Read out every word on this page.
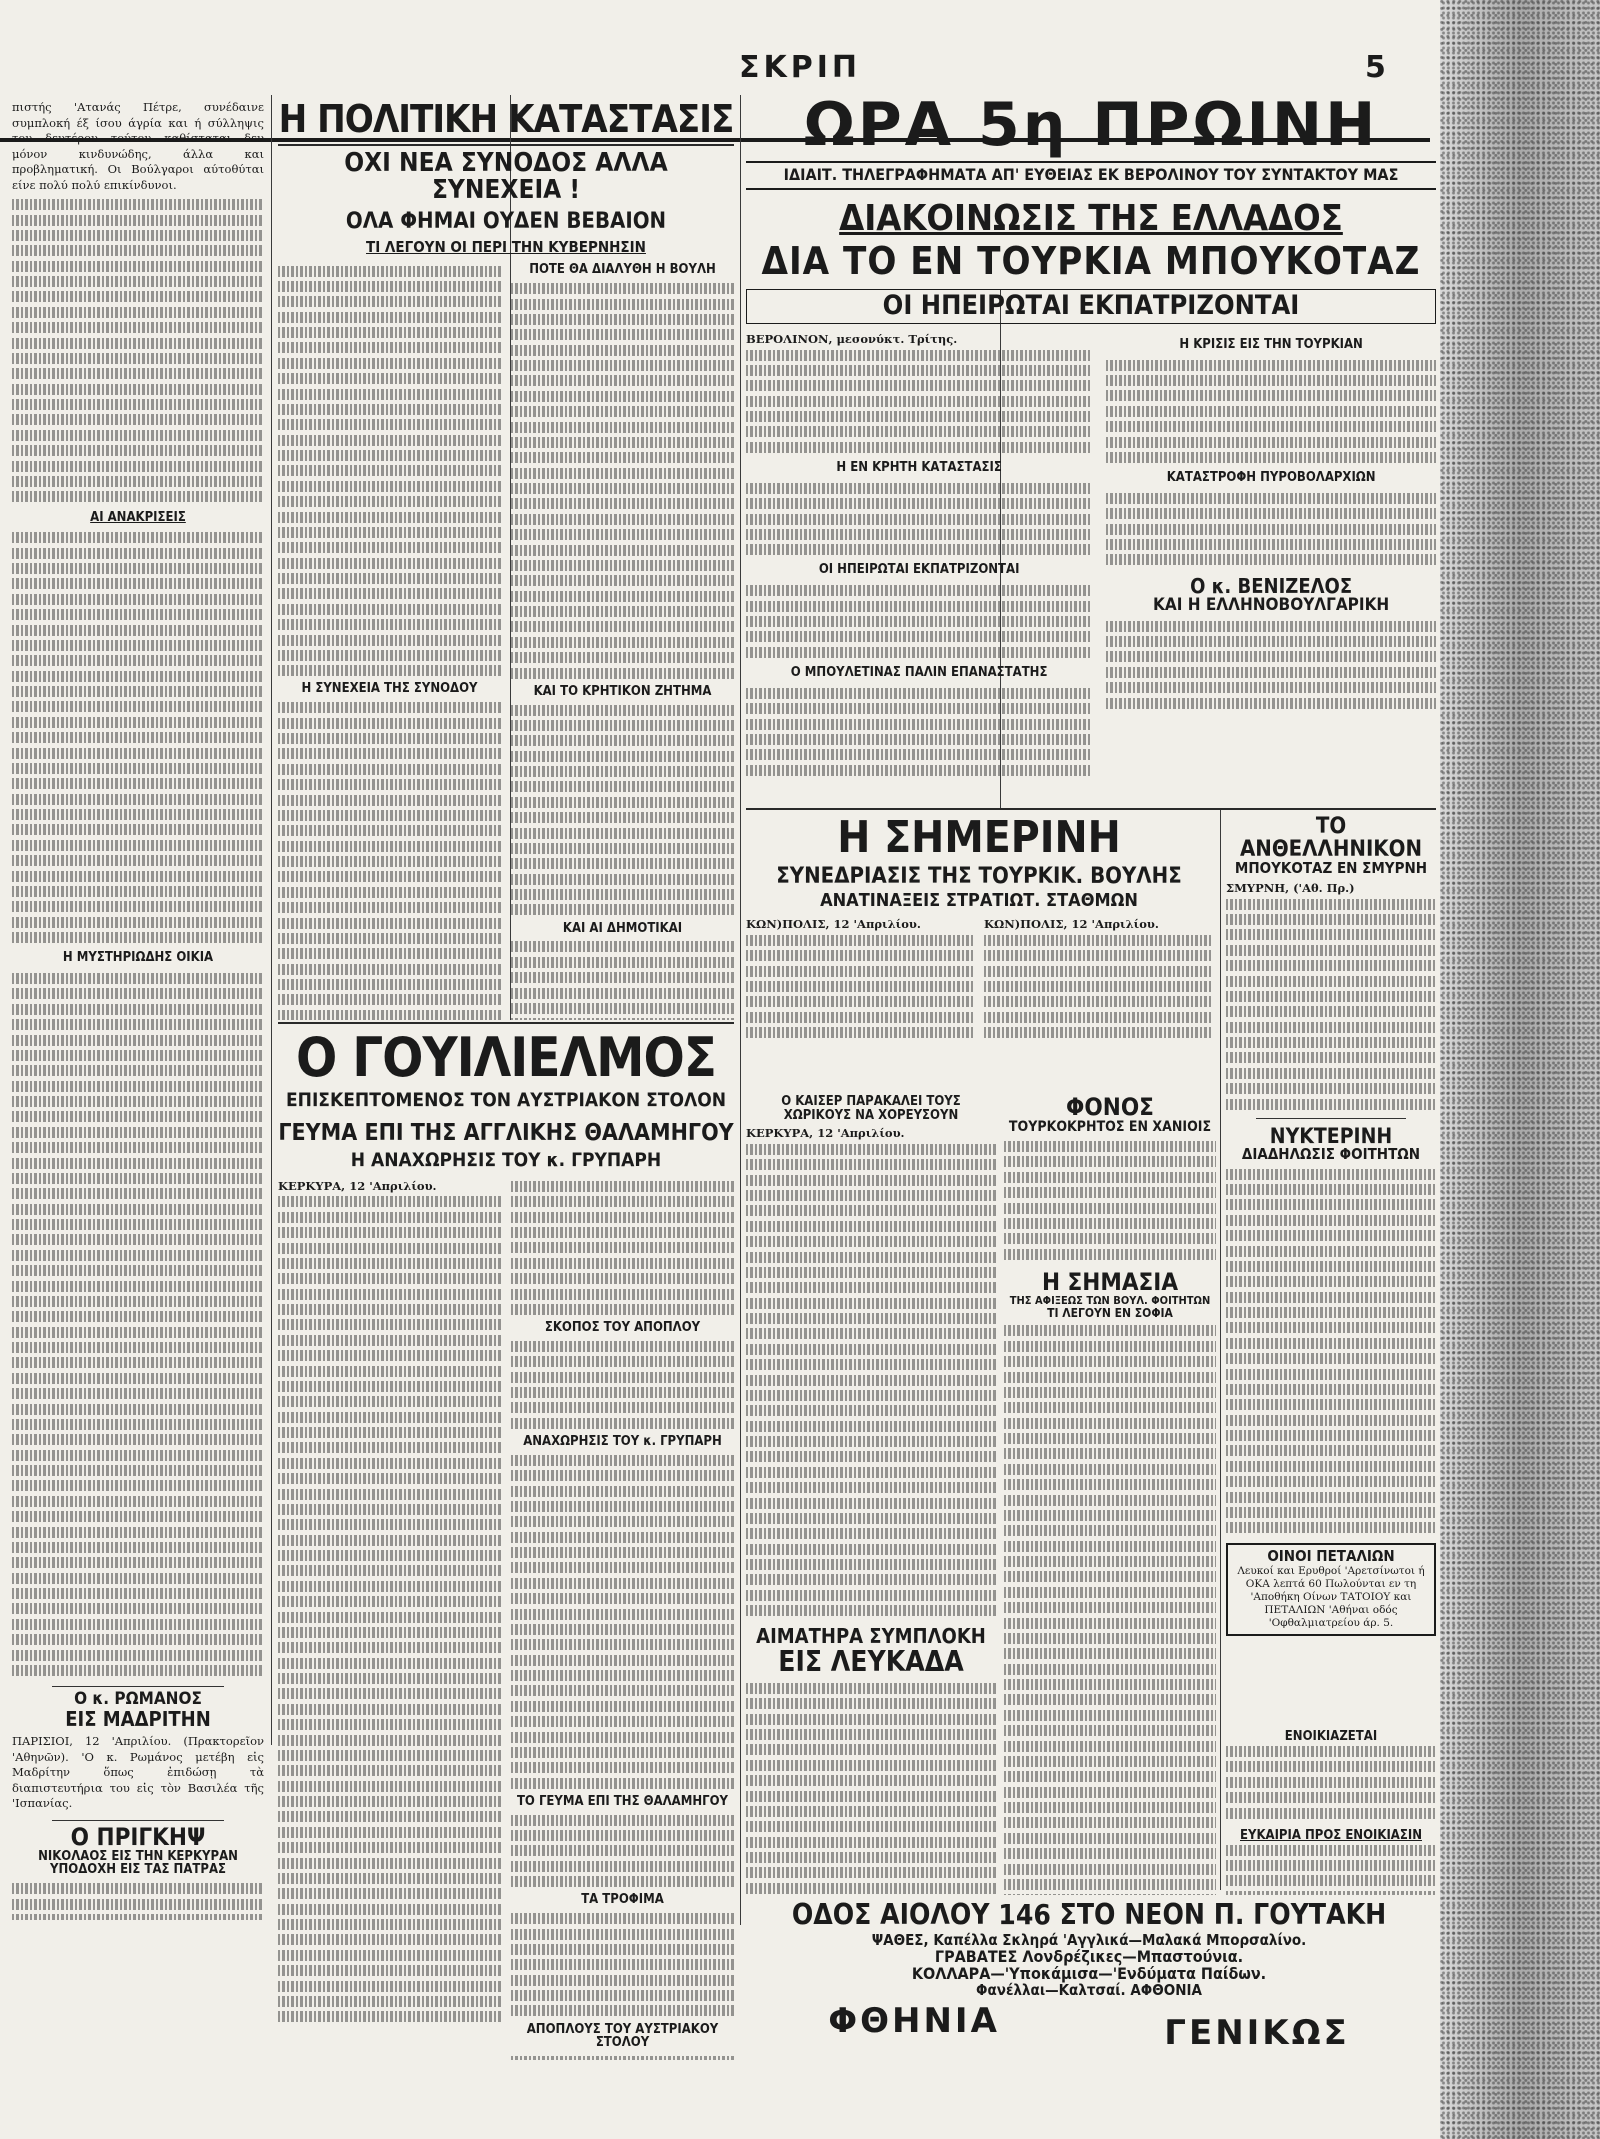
ΣΚΡΙΠ	5

πιστής 'Ατανάς Πέτρε, συνέδαινε συμπλοκή έξ ίσου άγρία και ή σύλληψις του δευτέρου τούτου καθίσταται δεν μόνον κινδυνώδης, άλλα και προβληματική. Οι Βούλγαροι αύτοθύται είνε πολύ πολύ επικίνδυνοι.

ΑΙ ΑΝΑΚΡΙΣΕΙΣ
Η ΜΥΣΤΗΡΙΩΔΗΣ ΟΙΚΙΑ
Ο κ. ΡΩΜΑΝΟΣ
ΕΙΣ ΜΑΔΡΙΤΗΝ

ΠΑΡΙΣΙΟΙ, 12 'Απριλίου. (Πρακτορεῖον 'Αθηνῶν). 'Ο κ. Ρωμάνος μετέβη εἰς Μαδρίτην ὅπως ἐπιδώσῃ τὰ διαπιστευτήρια του εἰς τὸν Βασιλέα τῆς 'Ισπανίας.

Ο ΠΡΙΓΚΗΨ
ΝΙΚΟΛΑΟΣ ΕΙΣ ΤΗΝ ΚΕΡΚΥΡΑΝ
ΥΠΟΔΟΧΗ ΕΙΣ ΤΑΣ ΠΑΤΡΑΣ

Η ΠΟΛΙΤΙΚΗ ΚΑΤΑΣΤΑΣΙΣ
ΟΧΙ ΝΕΑ ΣΥΝΟΔΟΣ ΑΛΛΑ ΣΥΝΕΧΕΙΑ !
ΟΛΑ ΦΗΜΑΙ ΟΥΔΕΝ ΒΕΒΑΙΟΝ
ΤΙ ΛΕΓΟΥΝ ΟΙ ΠΕΡΙ ΤΗΝ ΚΥΒΕΡΝΗΣΙΝ
Η ΣΥΝΕΧΕΙΑ ΤΗΣ ΣΥΝΟΔΟΥ
ΠΟΤΕ ΘΑ ΔΙΑΛΥΘΗ Η ΒΟΥΛΗ
ΚΑΙ ΤΟ ΚΡΗΤΙΚΟΝ ΖΗΤΗΜΑ
ΚΑΙ ΑΙ ΔΗΜΟΤΙΚΑΙ
Ο ΓΟΥΙΛΙΕΛΜΟΣ
ΕΠΙΣΚΕΠΤΟΜΕΝΟΣ ΤΟΝ ΑΥΣΤΡΙΑΚΟΝ ΣΤΟΛΟΝ
ΓΕΥΜΑ ΕΠΙ ΤΗΣ ΑΓΓΛΙΚΗΣ ΘΑΛΑΜΗΓΟΥ
Η ΑΝΑΧΩΡΗΣΙΣ ΤΟΥ κ. ΓΡΥΠΑΡΗ
ΚΕΡΚΥΡΑ, 12 'Απριλίου.
ΣΚΟΠΟΣ ΤΟΥ ΑΠΟΠΛΟΥ
ΑΝΑΧΩΡΗΣΙΣ ΤΟΥ κ. ΓΡΥΠΑΡΗ
ΤΟ ΓΕΥΜΑ ΕΠΙ ΤΗΣ ΘΑΛΑΜΗΓΟΥ
ΤΑ ΤΡΟΦΙΜΑ
ΑΠΟΠΛΟΥΣ ΤΟΥ ΑΥΣΤΡΙΑΚΟΥ ΣΤΟΛΟΥ
ΩΡΑ 5η ΠΡΩΙΝΗ
ΙΔΙΑΙΤ. ΤΗΛΕΓΡΑΦΗΜΑΤΑ ΑΠ' ΕΥΘΕΙΑΣ ΕΚ ΒΕΡΟΛΙΝΟΥ ΤΟΥ ΣΥΝΤΑΚΤΟΥ ΜΑΣ
ΔΙΑΚΟΙΝΩΣΙΣ ΤΗΣ ΕΛΛΑΔΟΣ
ΔΙΑ ΤΟ ΕΝ ΤΟΥΡΚΙΑ ΜΠΟΥΚΟΤΑΖ
ΟΙ ΗΠΕΙΡΩΤΑΙ ΕΚΠΑΤΡΙΖΟΝΤΑΙ
ΒΕΡΟΛΙΝΟΝ, μεσονύκτ. Τρίτης.
Η ΕΝ ΚΡΗΤΗ ΚΑΤΑΣΤΑΣΙΣ
ΟΙ ΗΠΕΙΡΩΤΑΙ ΕΚΠΑΤΡΙΖΟΝΤΑΙ
Ο ΜΠΟΥΛΕΤΙΝΑΣ ΠΑΛΙΝ ΕΠΑΝΑΣΤΑΤΗΣ
Η ΚΡΙΣΙΣ ΕΙΣ ΤΗΝ ΤΟΥΡΚΙΑΝ
ΚΑΤΑΣΤΡΟΦΗ ΠΥΡΟΒΟΛΑΡΧΙΩΝ
Ο κ. ΒΕΝΙΖΕΛΟΣ
ΚΑΙ Η ΕΛΛΗΝΟΒΟΥΛΓΑΡΙΚΗ
Η ΣΗΜΕΡΙΝΗ
ΣΥΝΕΔΡΙΑΣΙΣ ΤΗΣ ΤΟΥΡΚΙΚ. ΒΟΥΛΗΣ
ΑΝΑΤΙΝΑΞΕΙΣ ΣΤΡΑΤΙΩΤ. ΣΤΑΘΜΩΝ
ΚΩΝ)ΠΟΛΙΣ, 12 'Απριλίου.	ΚΩΝ)ΠΟΛΙΣ, 12 'Απριλίου.
ΤΟ ΑΝΘΕΛΛΗΝΙΚΟΝ
ΜΠΟΥΚΟΤΑΖ ΕΝ ΣΜΥΡΝΗ
ΣΜΥΡΝΗ, ('Αθ. Πρ.)
ΝΥΚΤΕΡΙΝΗ
ΔΙΑΔΗΛΩΣΙΣ ΦΟΙΤΗΤΩΝ
ΟΙΝΟΙ ΠΕΤΑΛΙΩΝ

Λευκοί και Ερυθροί 'Αρετσίνωτοι ή ΟΚΑ λεπτά 60 Πωλούνται εν τη 'Αποθήκη Οίνων ΤΑΤΟΙΟΥ και ΠΕΤΑΛΙΩΝ 'Αθήναι οδός 'Οφθαλμιατρείου άρ. 5.

ΕΝΟΙΚΙΑΖΕΤΑΙ
ΕΥΚΑΙΡΙΑ ΠΡΟΣ ΕΝΟΙΚΙΑΣΙΝ
Ο ΚΑΙΣΕΡ ΠΑΡΑΚΑΛΕΙ ΤΟΥΣ ΧΩΡΙΚΟΥΣ ΝΑ ΧΟΡΕΥΣΟΥΝ
ΚΕΡΚΥΡΑ, 12 'Απριλίου.
ΑΙΜΑΤΗΡΑ ΣΥΜΠΛΟΚΗ
ΕΙΣ ΛΕΥΚΑΔΑ
ΦΟΝΟΣ
ΤΟΥΡΚΟΚΡΗΤΟΣ ΕΝ ΧΑΝΙΟΙΣ
Η ΣΗΜΑΣΙΑ
ΤΗΣ ΑΦΙΞΕΩΣ ΤΩΝ ΒΟΥΛ. ΦΟΙΤΗΤΩΝ
ΤΙ ΛΕΓΟΥΝ ΕΝ ΣΟΦΙΑ
ΟΔΟΣ ΑΙΟΛΟΥ 146 ΣΤΟ ΝΕΟΝ Π. ΓΟΥΤΑΚΗ
ΨΑΘΕΣ, Καπέλλα Σκληρά 'Αγγλικά—Μαλακά Μπορσαλίνο.
ΓΡΑΒΑΤΕΣ Λονδρέζικες—Μπαστούνια.
ΚΟΛΛΑΡΑ—'Υποκάμισα—'Ενδύματα Παίδων.
Φανέλλαι—Καλτσαί. ΑΦΘΟΝΙΑ
ΦΘΗΝΙΑ	ΓΕΝΙΚΩΣ
